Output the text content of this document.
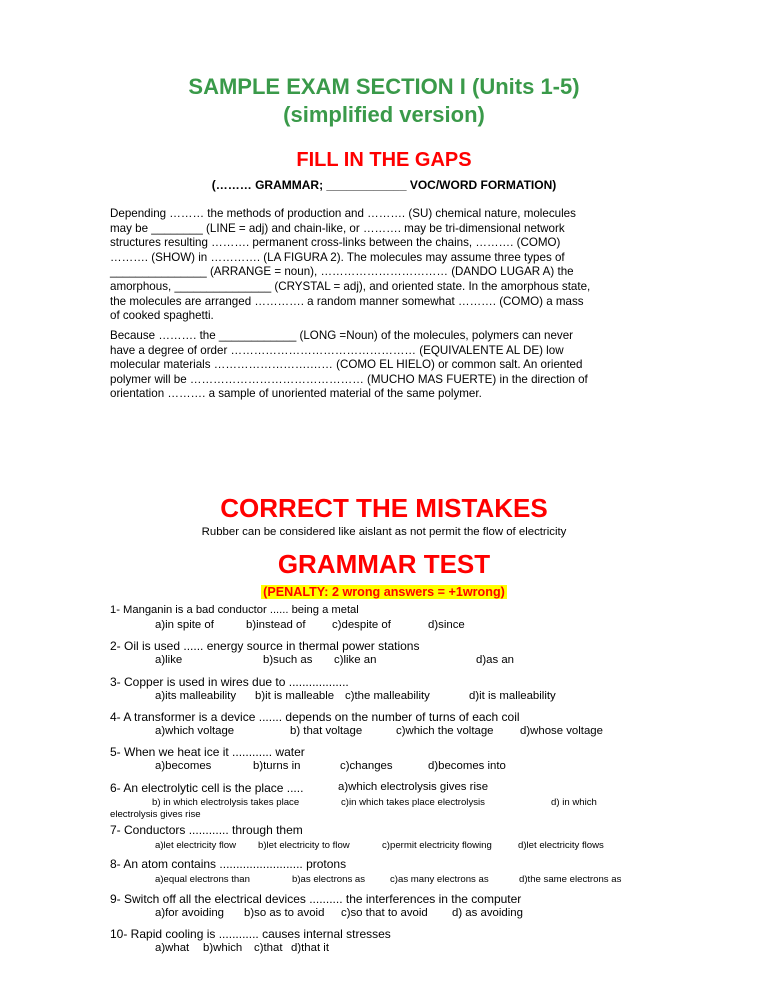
SAMPLE EXAM SECTION I (Units 1-5)
(simplified version)
FILL IN THE GAPS
(……… GRAMMAR; ____________ VOC/WORD FORMATION)
Depending ……… the methods of production and ………. (SU) chemical nature, molecules
may be ________ (LINE = adj) and chain-like, or ………. may be tri-dimensional network
structures resulting ………. permanent cross-links between the chains, ………. (COMO)
………. (SHOW) in …………. (LA FIGURA 2). The molecules may assume three types of
_______________ (ARRANGE = noun), …………………………… (DANDO LUGAR A) the
amorphous, _______________ (CRYSTAL = adj), and oriented state. In the amorphous state,
the molecules are arranged …………. a random manner somewhat ………. (COMO) a mass
of cooked spaghetti.
Because ………. the ____________ (LONG =Noun) of the molecules, polymers can never
have a degree of order ………………………………………… (EQUIVALENTE AL DE) low
molecular materials …………………….…… (COMO EL HIELO) or common salt. An oriented
polymer will be ……………………………………… (MUCHO MAS FUERTE) in the direction of
orientation ………. a sample of unoriented material of the same polymer.
CORRECT THE MISTAKES
Rubber can be considered like aislant as not permit the flow of electricity
GRAMMAR TEST
(PENALTY: 2 wrong answers = +1wrong)
1- Manganin is a bad conductor ...... being a metal
a)in spite of	b)instead of c)despite of	d)since
2- Oil is used ...... energy source in thermal power stations
a)like	b)such as c)like an	d)as an
3- Copper is used in wires due to ..................
a)its malleability b)it is malleable c)the malleability	d)it is malleability
4- A transformer is a device ....... depends on the number of turns of each coil
a)which voltage	b) that voltage	c)which the voltage d)whose voltage
5- When we heat ice it ............ water
a)becomes	b)turns in	c)changes	d)becomes into
6- An electrolytic cell is the place .....	a)which electrolysis gives rise
b) in which electrolysis takes place	c)in which takes place electrolysis	d) in which
electrolysis gives rise
7- Conductors ............ through them
a)let electricity flow b)let electricity to flow	c)permit electricity flowing	d)let electricity flows
8- An atom contains ......................... protons
a)equal electrons than	b)as electrons as	c)as many electrons as	d)the same electrons as
9- Switch off all the electrical devices .......... the interferences in the computer
a)for avoiding b)so as to avoid c)so that to avoid d) as avoiding
10- Rapid cooling is ............ causes internal stresses
a)what b)which c)that d)that it
